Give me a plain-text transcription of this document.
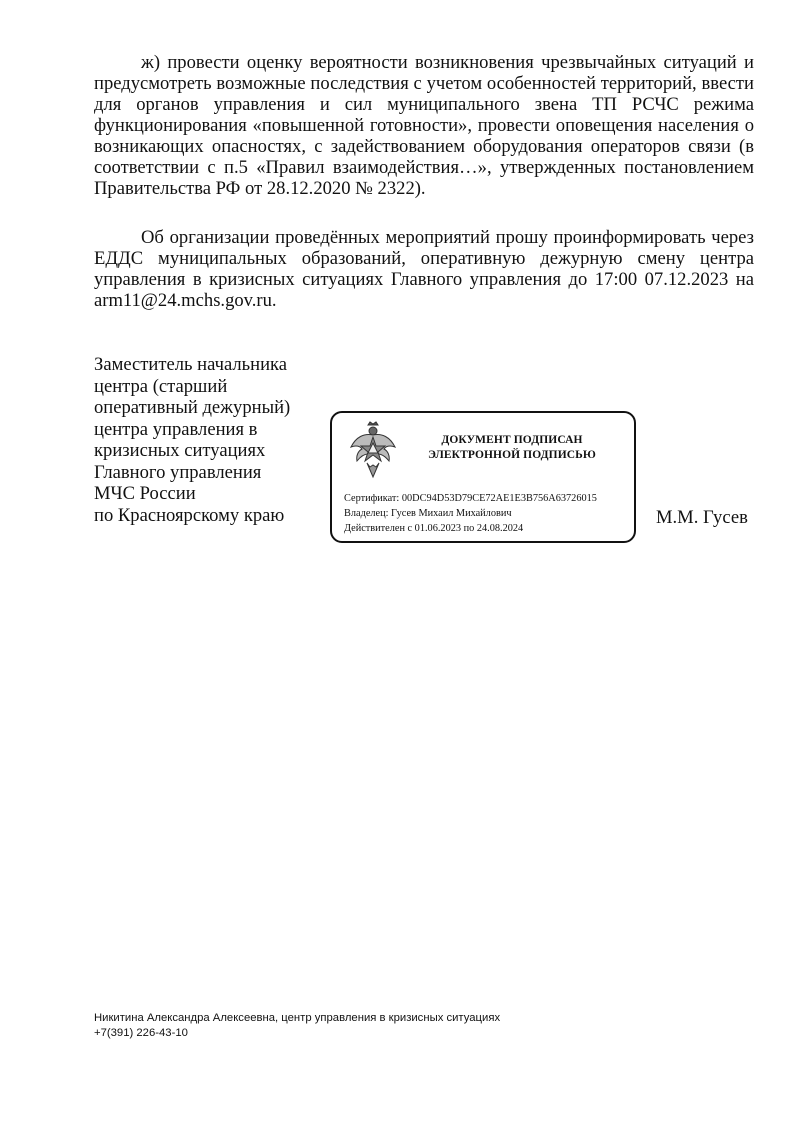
ж) провести оценку вероятности возникновения чрезвычайных ситуаций и предусмотреть возможные последствия с учетом особенностей территорий, ввести для органов управления и сил муниципального звена ТП РСЧС режима функционирования «повышенной готовности», провести оповещения населения о возникающих опасностях, с задействованием оборудования операторов связи (в соответствии с п.5 «Правил взаимодействия…», утвержденных постановлением Правительства РФ от 28.12.2020 № 2322).

Об организации проведённых мероприятий прошу проинформировать через ЕДДС муниципальных образований, оперативную дежурную смену центра управления в кризисных ситуациях Главного управления до 17:00 07.12.2023 на arm11@24.mchs.gov.ru.

Заместитель начальника
центра (старший
оперативный дежурный)
центра управления в
кризисных ситуациях
Главного управления
МЧС России
по Красноярскому краю
ДОКУМЕНТ ПОДПИСАН
ЭЛЕКТРОННОЙ ПОДПИСЬЮ
Сертификат: 00DC94D53D79CE72AE1E3B756A63726015
Владелец: Гусев Михаил Михайлович
Действителен с 01.06.2023 по 24.08.2024
М.М. Гусев
Никитина Александра Алексеевна, центр управления в кризисных ситуациях
+7(391) 226-43-10
